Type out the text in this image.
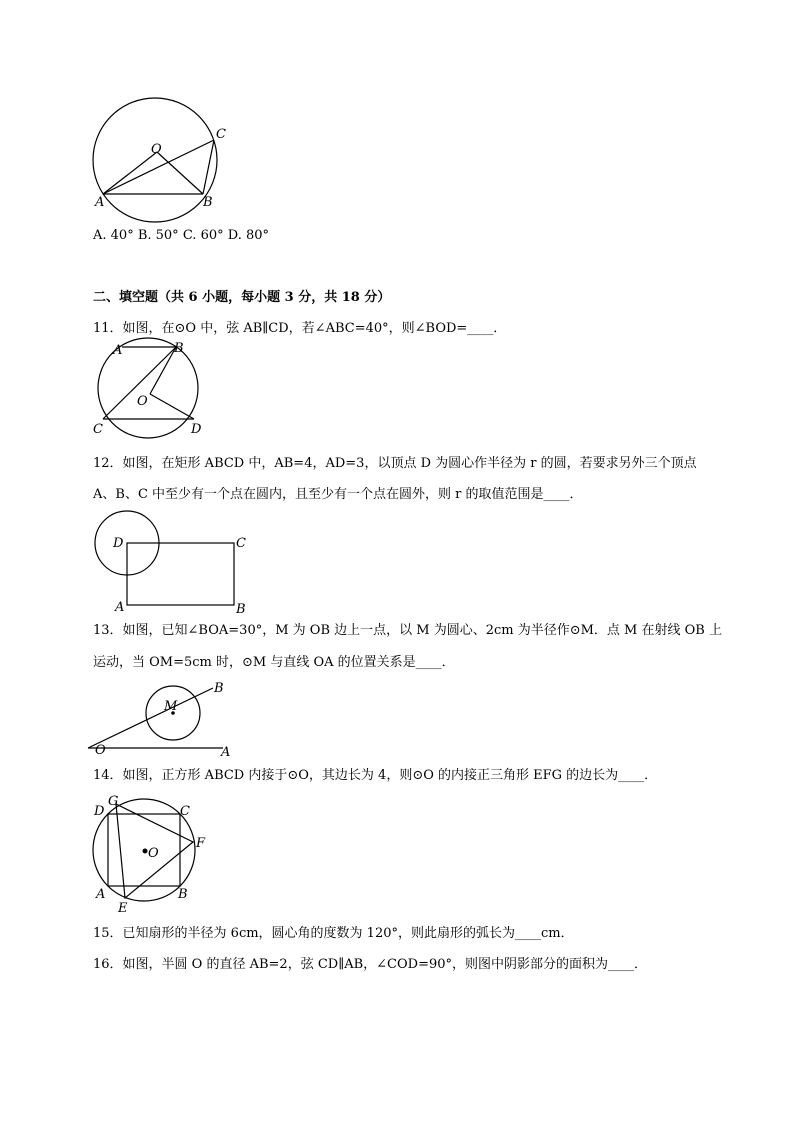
O
A	B
C
A. 40° B. 50° C. 60° D. 80°
二、填空题（共 6 小题，每小题 3 分，共 18 分）
11．如图，在⊙O 中，弦 AB∥CD，若∠ABC=40°，则∠BOD=____．
A	B
O
C	D
12．如图，在矩形 ABCD 中，AB=4，AD=3，以顶点 D 为圆心作半径为 r 的圆，若要求另外三个顶点
A、B、C 中至少有一个点在圆内，且至少有一个点在圆外，则 r 的取值范围是____．
D	C
A	B
13．如图，已知∠BOA=30°，M 为 OB 边上一点，以 M 为圆心、2cm 为半径作⊙M．点 M 在射线 OB 上
运动，当 OM=5cm 时，⊙M 与直线 OA 的位置关系是____．
O	A
B
M
14．如图，正方形 ABCD 内接于⊙O，其边长为 4，则⊙O 的内接正三角形 EFG 的边长为____．
D
G
C
F
O
A	B
E
15．已知扇形的半径为 6cm，圆心角的度数为 120°，则此扇形的弧长为____cm．
16．如图，半圆 O 的直径 AB=2，弦 CD∥AB，∠COD=90°，则图中阴影部分的面积为____．
